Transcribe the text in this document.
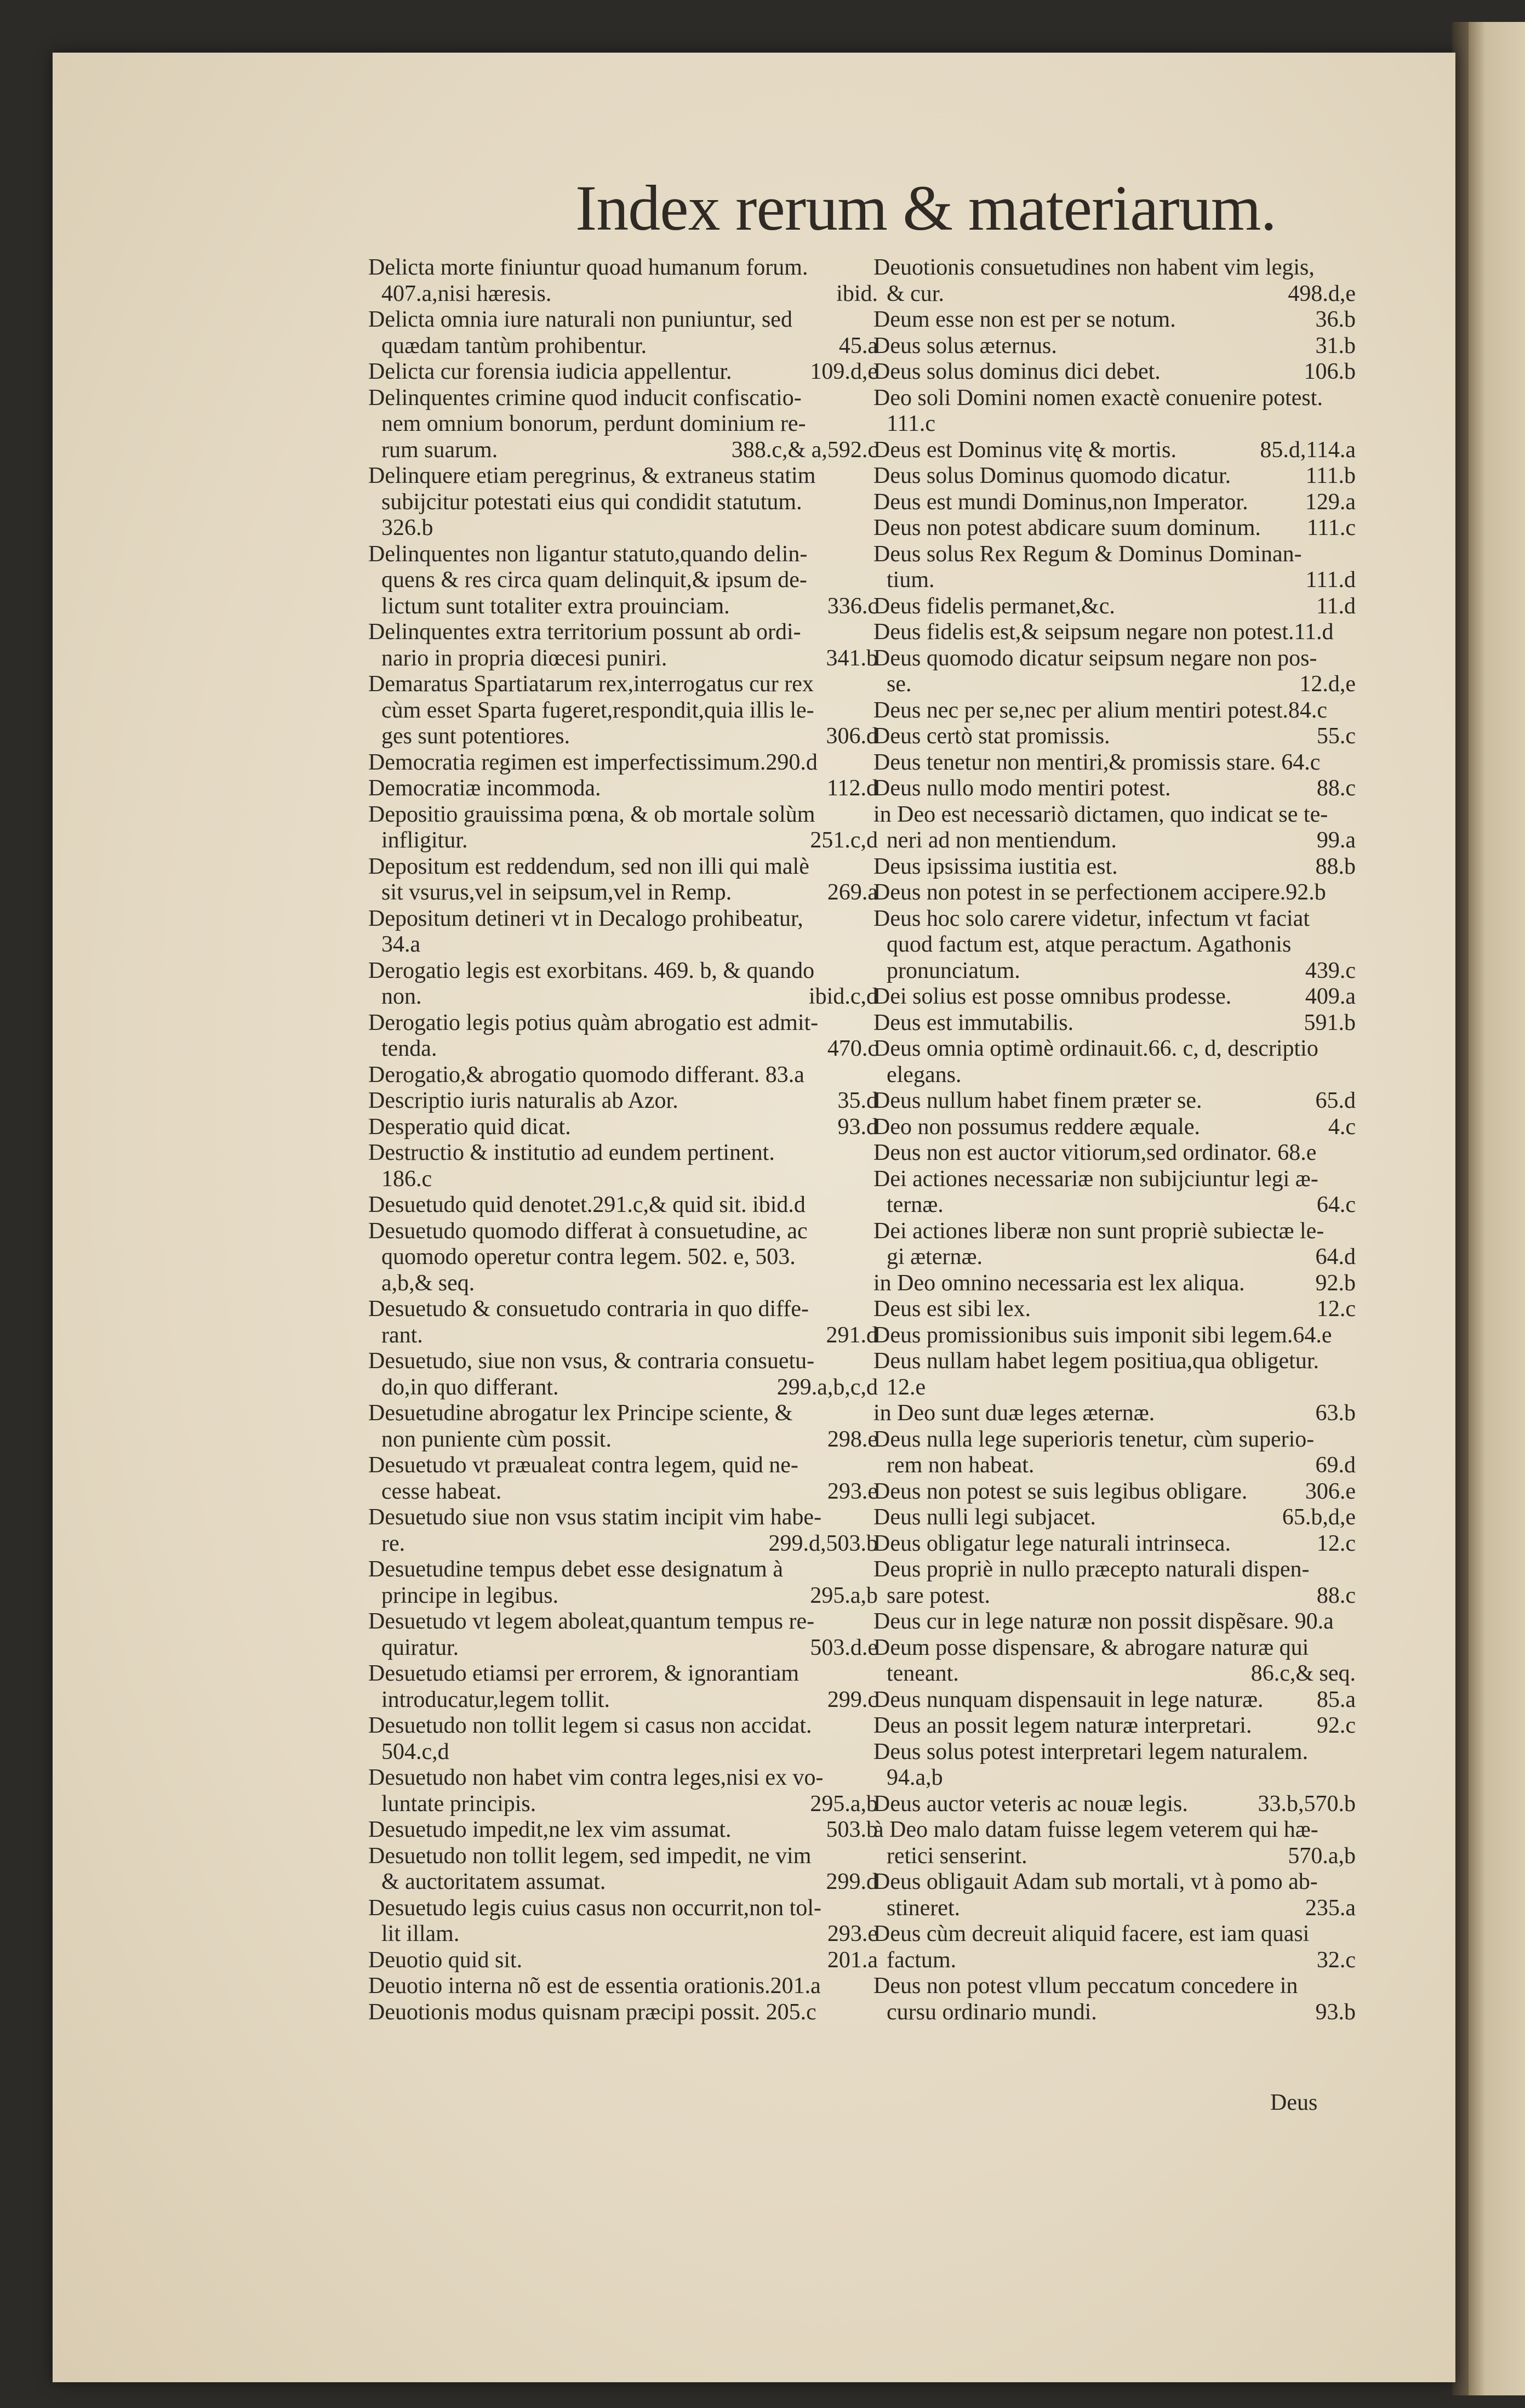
Index rerum & materiarum.
Delicta morte finiuntur quoad humanum forum.
407.a,nisi hæresis.	ibid.
Delicta omnia iure naturali non puniuntur, sed
quædam tantùm prohibentur.	45.a
Delicta cur forensia iudicia appellentur.	109.d,e
Delinquentes crimine quod inducit confiscatio-
nem omnium bonorum, perdunt dominium re-
rum suarum.	388.c,& a,592.c
Delinquere etiam peregrinus, & extraneus statim
subijcitur potestati eius qui condidit statutum.
326.b
Delinquentes non ligantur statuto,quando delin-
quens & res circa quam delinquit,& ipsum de-
lictum sunt totaliter extra prouinciam.	336.c
Delinquentes extra territorium possunt ab ordi-
nario in propria diœcesi puniri.	341.b
Demaratus Spartiatarum rex,interrogatus cur rex
cùm esset Sparta fugeret,respondit,quia illis le-
ges sunt potentiores.	306.d
Democratia regimen est imperfectissimum.290.d
Democratiæ incommoda.	112.d
Depositio grauissima pœna, & ob mortale solùm
infligitur.	251.c,d
Depositum est reddendum, sed non illi qui malè
sit vsurus,vel in seipsum,vel in Remp.	269.a
Depositum detineri vt in Decalogo prohibeatur,
34.a
Derogatio legis est exorbitans. 469. b, & quando
non.	ibid.c,d
Derogatio legis potius quàm abrogatio est admit-
tenda.	470.c
Derogatio,& abrogatio quomodo differant. 83.a
Descriptio iuris naturalis ab Azor.	35.d
Desperatio quid dicat.	93.d
Destructio & institutio ad eundem pertinent.
186.c
Desuetudo quid denotet.291.c,& quid sit. ibid.d
Desuetudo quomodo differat à consuetudine, ac
quomodo operetur contra legem. 502. e, 503.
a,b,& seq.
Desuetudo & consuetudo contraria in quo diffe-
rant.	291.d
Desuetudo, siue non vsus, & contraria consuetu-
do,in quo differant.	299.a,b,c,d
Desuetudine abrogatur lex Principe sciente, &
non puniente cùm possit.	298.e
Desuetudo vt præualeat contra legem, quid ne-
cesse habeat.	293.e
Desuetudo siue non vsus statim incipit vim habe-
re.	299.d,503.b
Desuetudine tempus debet esse designatum à
principe in legibus.	295.a,b
Desuetudo vt legem aboleat,quantum tempus re-
quiratur.	503.d.e
Desuetudo etiamsi per errorem, & ignorantiam
introducatur,legem tollit.	299.c
Desuetudo non tollit legem si casus non accidat.
504.c,d
Desuetudo non habet vim contra leges,nisi ex vo-
luntate principis.	295.a,b
Desuetudo impedit,ne lex vim assumat.	503.b
Desuetudo non tollit legem, sed impedit, ne vim
& auctoritatem assumat.	299.d
Desuetudo legis cuius casus non occurrit,non tol-
lit illam.	293.e
Deuotio quid sit.	201.a
Deuotio interna nõ est de essentia orationis.201.a
Deuotionis modus quisnam præcipi possit. 205.c
Deuotionis consuetudines non habent vim legis,
& cur.	498.d,e
Deum esse non est per se notum.	36.b
Deus solus æternus.	31.b
Deus solus dominus dici debet.	106.b
Deo soli Domini nomen exactè conuenire potest.
111.c
Deus est Dominus vitę & mortis.	85.d,114.a
Deus solus Dominus quomodo dicatur.	111.b
Deus est mundi Dominus,non Imperator. 129.a
Deus non potest abdicare suum dominum. 111.c
Deus solus Rex Regum & Dominus Dominan-
tium.	111.d
Deus fidelis permanet,&c.	11.d
Deus fidelis est,& seipsum negare non potest.11.d
Deus quomodo dicatur seipsum negare non pos-
se.	12.d,e
Deus nec per se,nec per alium mentiri potest.84.c
Deus certò stat promissis.	55.c
Deus tenetur non mentiri,& promissis stare. 64.c
Deus nullo modo mentiri potest.	88.c
in Deo est necessariò dictamen, quo indicat se te-
neri ad non mentiendum.	99.a
Deus ipsissima iustitia est.	88.b
Deus non potest in se perfectionem accipere.92.b
Deus hoc solo carere videtur, infectum vt faciat
quod factum est, atque peractum. Agathonis
pronunciatum.	439.c
Dei solius est posse omnibus prodesse.	409.a
Deus est immutabilis.	591.b
Deus omnia optimè ordinauit.66. c, d, descriptio
elegans.
Deus nullum habet finem præter se.	65.d
Deo non possumus reddere æquale.	4.c
Deus non est auctor vitiorum,sed ordinator. 68.e
Dei actiones necessariæ non subijciuntur legi æ-
ternæ.	64.c
Dei actiones liberæ non sunt propriè subiectæ le-
gi æternæ.	64.d
in Deo omnino necessaria est lex aliqua.	92.b
Deus est sibi lex.	12.c
Deus promissionibus suis imponit sibi legem.64.e
Deus nullam habet legem positiua,qua obligetur.
12.e
in Deo sunt duæ leges æternæ.	63.b
Deus nulla lege superioris tenetur, cùm superio-
rem non habeat.	69.d
Deus non potest se suis legibus obligare.	306.e
Deus nulli legi subjacet.	65.b,d,e
Deus obligatur lege naturali intrinseca.	12.c
Deus propriè in nullo præcepto naturali dispen-
sare potest.	88.c
Deus cur in lege naturæ non possit dispẽsare. 90.a
Deum posse dispensare, & abrogare naturæ qui
teneant.	86.c,& seq.
Deus nunquam dispensauit in lege naturæ. 85.a
Deus an possit legem naturæ interpretari.	92.c
Deus solus potest interpretari legem naturalem.
94.a,b
Deus auctor veteris ac nouæ legis.	33.b,570.b
à Deo malo datam fuisse legem veterem qui hæ-
retici senserint.	570.a,b
Deus obligauit Adam sub mortali, vt à pomo ab-
stineret.	235.a
Deus cùm decreuit aliquid facere, est iam quasi
factum.	32.c
Deus non potest vllum peccatum concedere in
cursu ordinario mundi.	93.b
Deus
